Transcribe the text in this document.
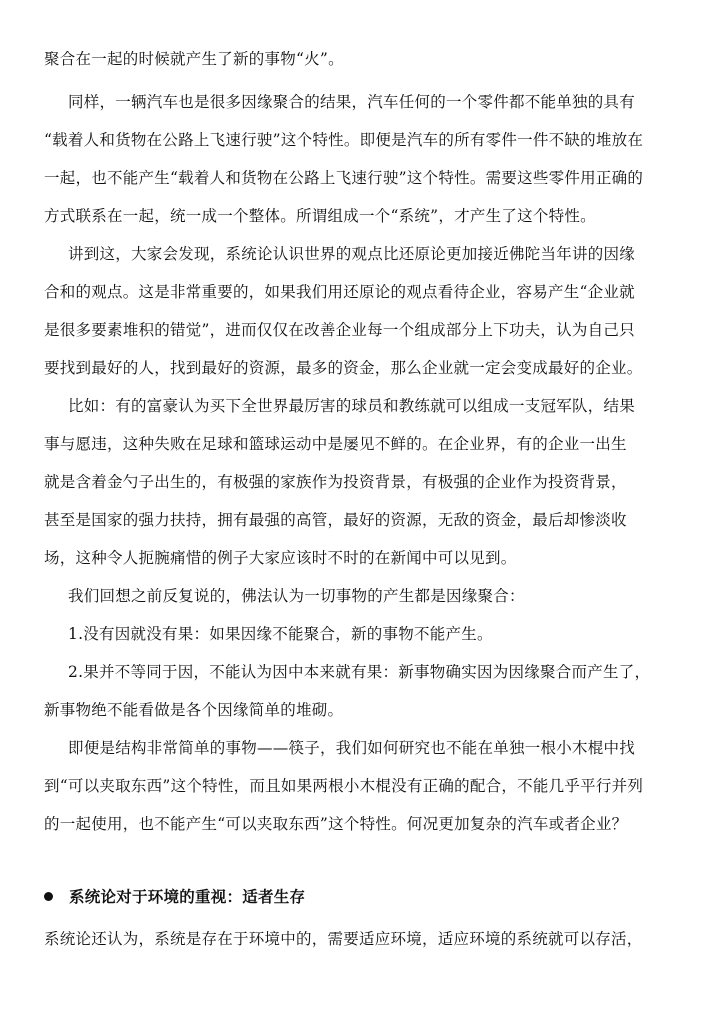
聚合在一起的时候就产生了新的事物“火”。
同样，一辆汽车也是很多因缘聚合的结果，汽车任何的一个零件都不能单独的具有
“载着人和货物在公路上飞速行驶”这个特性。即便是汽车的所有零件一件不缺的堆放在
一起，也不能产生“载着人和货物在公路上飞速行驶”这个特性。需要这些零件用正确的
方式联系在一起，统一成一个整体。所谓组成一个“系统”，才产生了这个特性。
讲到这，大家会发现，系统论认识世界的观点比还原论更加接近佛陀当年讲的因缘
合和的观点。这是非常重要的，如果我们用还原论的观点看待企业，容易产生“企业就
是很多要素堆积的错觉”，进而仅仅在改善企业每一个组成部分上下功夫，认为自己只
要找到最好的人，找到最好的资源，最多的资金，那么企业就一定会变成最好的企业。
比如：有的富豪认为买下全世界最厉害的球员和教练就可以组成一支冠军队，结果
事与愿违，这种失败在足球和篮球运动中是屡见不鲜的。在企业界，有的企业一出生
就是含着金勺子出生的，有极强的家族作为投资背景，有极强的企业作为投资背景，
甚至是国家的强力扶持，拥有最强的高管，最好的资源，无敌的资金，最后却惨淡收
场，这种令人扼腕痛惜的例子大家应该时不时的在新闻中可以见到。
我们回想之前反复说的，佛法认为一切事物的产生都是因缘聚合：
1.没有因就没有果：如果因缘不能聚合，新的事物不能产生。
2.果并不等同于因，不能认为因中本来就有果：新事物确实因为因缘聚合而产生了，
新事物绝不能看做是各个因缘简单的堆砌。
即便是结构非常简单的事物——筷子，我们如何研究也不能在单独一根小木棍中找
到“可以夹取东西”这个特性，而且如果两根小木棍没有正确的配合，不能几乎平行并列
的一起使用，也不能产生“可以夹取东西”这个特性。何况更加复杂的汽车或者企业？
系统论对于环境的重视：适者生存
系统论还认为，系统是存在于环境中的，需要适应环境，适应环境的系统就可以存活，
